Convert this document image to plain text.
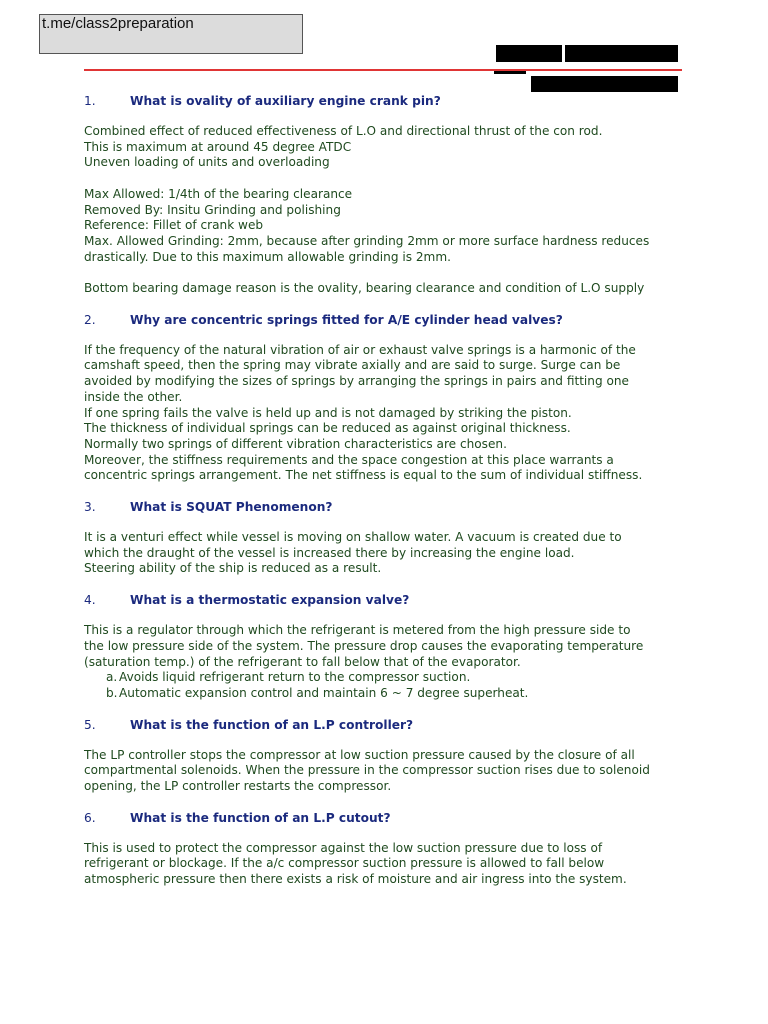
t.me/class2preparation
1.	What is ovality of auxiliary engine crank pin?

Combined effect of reduced effectiveness of L.O and directional thrust of the con rod.

This is maximum at around 45 degree ATDC

Uneven loading of units and overloading

Max Allowed: 1/4th of the bearing clearance

Removed By: Insitu Grinding and polishing

Reference: Fillet of crank web

Max. Allowed Grinding: 2mm, because after grinding 2mm or more surface hardness reduces

drastically. Due to this maximum allowable grinding is 2mm.

Bottom bearing damage reason is the ovality, bearing clearance and condition of L.O supply

2.	Why are concentric springs fitted for A/E cylinder head valves?

If the frequency of the natural vibration of air or exhaust valve springs is a harmonic of the

camshaft speed, then the spring may vibrate axially and are said to surge. Surge can be

avoided by modifying the sizes of springs by arranging the springs in pairs and fitting one

inside the other.

If one spring fails the valve is held up and is not damaged by striking the piston.

The thickness of individual springs can be reduced as against original thickness.

Normally two springs of different vibration characteristics are chosen.

Moreover, the stiffness requirements and the space congestion at this place warrants a

concentric springs arrangement. The net stiffness is equal to the sum of individual stiffness.

3.	What is SQUAT Phenomenon?

It is a venturi effect while vessel is moving on shallow water. A vacuum is created due to

which the draught of the vessel is increased there by increasing the engine load.

Steering ability of the ship is reduced as a result.

4.	What is a thermostatic expansion valve?

This is a regulator through which the refrigerant is metered from the high pressure side to

the low pressure side of the system. The pressure drop causes the evaporating temperature

(saturation temp.) of the refrigerant to fall below that of the evaporator.

a. Avoids liquid refrigerant return to the compressor suction.
b. Automatic expansion control and maintain 6 ~ 7 degree superheat.
5.	What is the function of an L.P controller?

The LP controller stops the compressor at low suction pressure caused by the closure of all

compartmental solenoids. When the pressure in the compressor suction rises due to solenoid

opening, the LP controller restarts the compressor.

6.	What is the function of an L.P cutout?

This is used to protect the compressor against the low suction pressure due to loss of

refrigerant or blockage. If the a/c compressor suction pressure is allowed to fall below

atmospheric pressure then there exists a risk of moisture and air ingress into the system.
